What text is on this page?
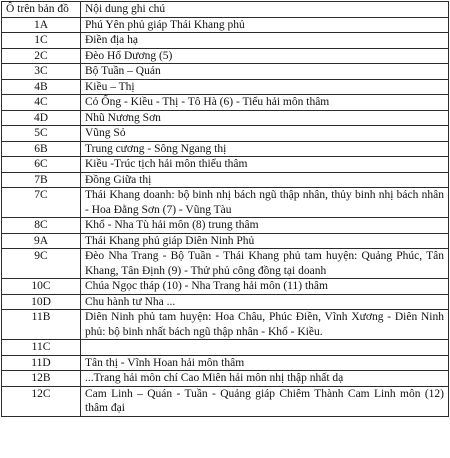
Ô trên bản đồ	Nội dung ghi chú
1A	Phú Yên phủ giáp Thái Khang phủ
1C	Điền địa hạ
2C	Đèo Hổ Dương (5)
3C	Bộ Tuần – Quán
4B	Kiều – Thị
4C	Cỏ Ống - Kiều - Thị - Tô Hà (6) - Tiểu hải môn thâm
4D	Nhũ Nương Sơn
5C	Vũng Sỏ
6B	Trung cương - Sông Ngang thị
6C	Kiều -Trúc tịch hải môn thiểu thâm
7B	Đồng Giữa thị
7C	Thái Khang doanh: bộ binh nhị bách ngũ thập nhân, thủy binh nhị bách nhân - Hoa Đằng Sơn (7) - Vũng Tàu
8C	Khổ - Nha Tù hải môn (8) trung thâm
9A	Thái Khang phủ giáp Diên Ninh Phủ
9C	Đèo Nha Trang - Bộ Tuần - Thái Khang phủ tam huyện: Quảng Phúc, Tân Khang, Tân Định (9) - Thử phủ công đồng tại doanh
10C	Chúa Ngọc tháp (10) - Nha Trang hải môn (11) thâm
10D	Chu hành tư Nha ...
11B	Diên Ninh phủ tam huyện: Hoa Châu, Phúc Điền, Vĩnh Xương - Diên Ninh phủ: bộ binh nhất bách ngũ thập nhân - Khổ - Kiều.
11C	
11D	Tân thị - Vĩnh Hoan hải môn thâm
12B	...Trang hải môn chí Cao Miên hải môn nhị thập nhất dạ
12C	Cam Linh – Quán - Tuần - Quảng giáp Chiêm Thành Cam Linh môn (12) thâm đại
